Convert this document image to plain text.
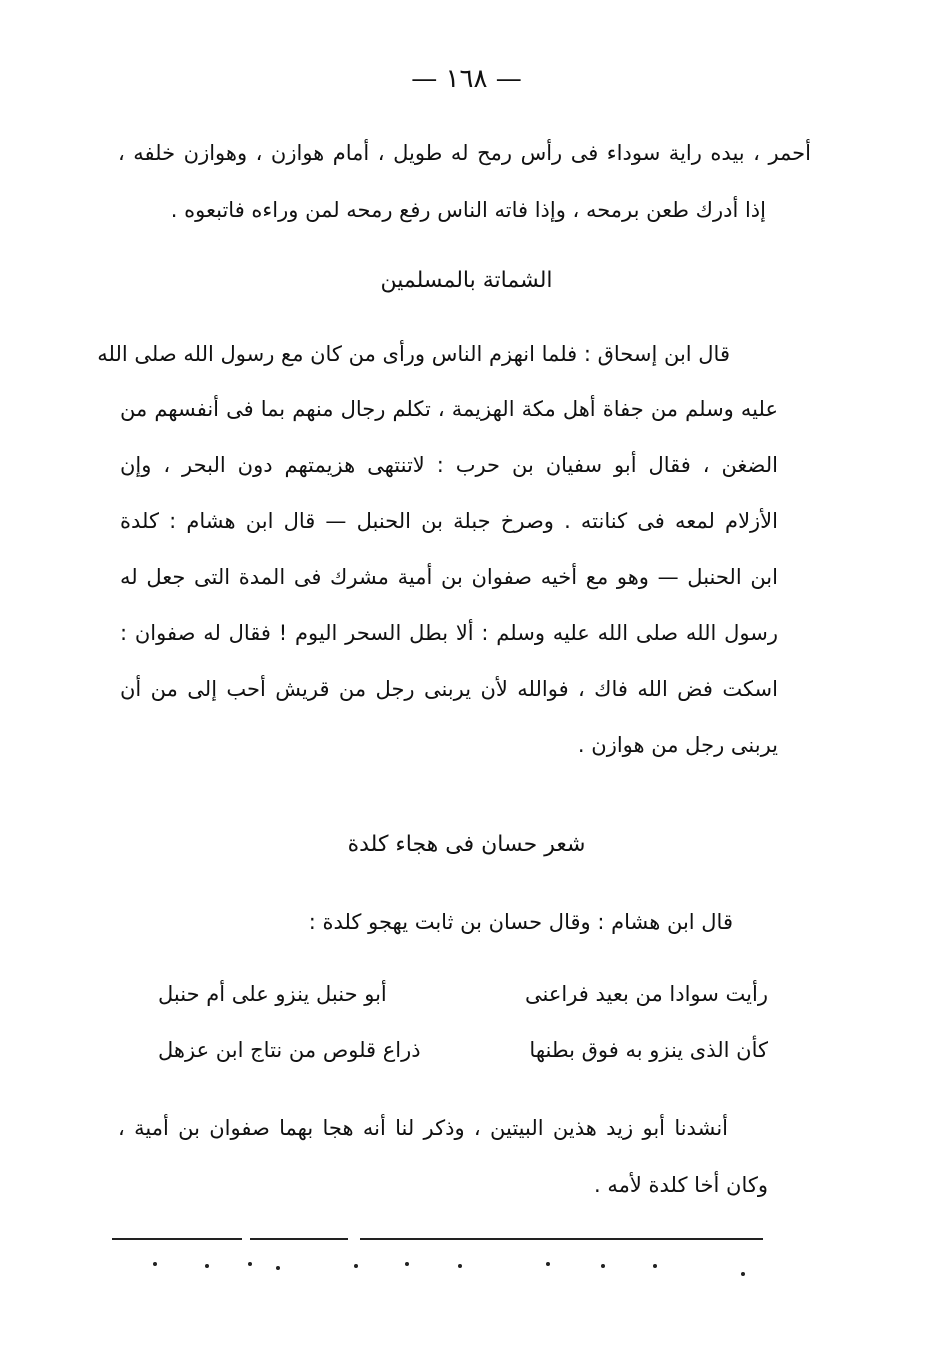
— ١٦٨ —
أحمر ، بيده راية سوداء فى رأس رمح له طويل ، أمام هوازن ، وهوازن خلفه ،
إذا أدرك طعن برمحه ، وإذا فاته الناس رفع رمحه لمن وراءه فاتبعوه .
الشماتة بالمسلمين
قال ابن إسحاق : فلما انهزم الناس ورأى من كان مع رسول الله صلى الله
عليه وسلم من جفاة أهل مكة الهزيمة ، تكلم رجال منهم بما فى أنفسهم من
الضغن ، فقال أبو سفيان بن حرب : لاتنتهى هزيمتهم دون البحر ، وإن
الأزلام لمعه فى كنانته . وصرخ جبلة بن الحنبل — قال ابن هشام : كلدة
ابن الحنبل — وهو مع أخيه صفوان بن أمية مشرك فى المدة التى جعل له
رسول الله صلى الله عليه وسلم : ألا بطل السحر اليوم ! فقال له صفوان :
اسكت فض الله فاك ، فوالله لأن يربنى رجل من قريش أحب إلى من أن
يربنى رجل من هوازن .
شعر حسان فى هجاء كلدة
قال ابن هشام : وقال حسان بن ثابت يهجو كلدة :
رأيت سوادا من بعيد فراعنى
أبو حنبل ينزو على أم حنبل
كأن الذى ينزو به فوق بطنها
ذراع قلوص من نتاج ابن عزهل
أنشدنا أبو زيد هذين البيتين ، وذكر لنا أنه هجا بهما صفوان بن أمية ،
وكان أخا كلدة لأمه .
